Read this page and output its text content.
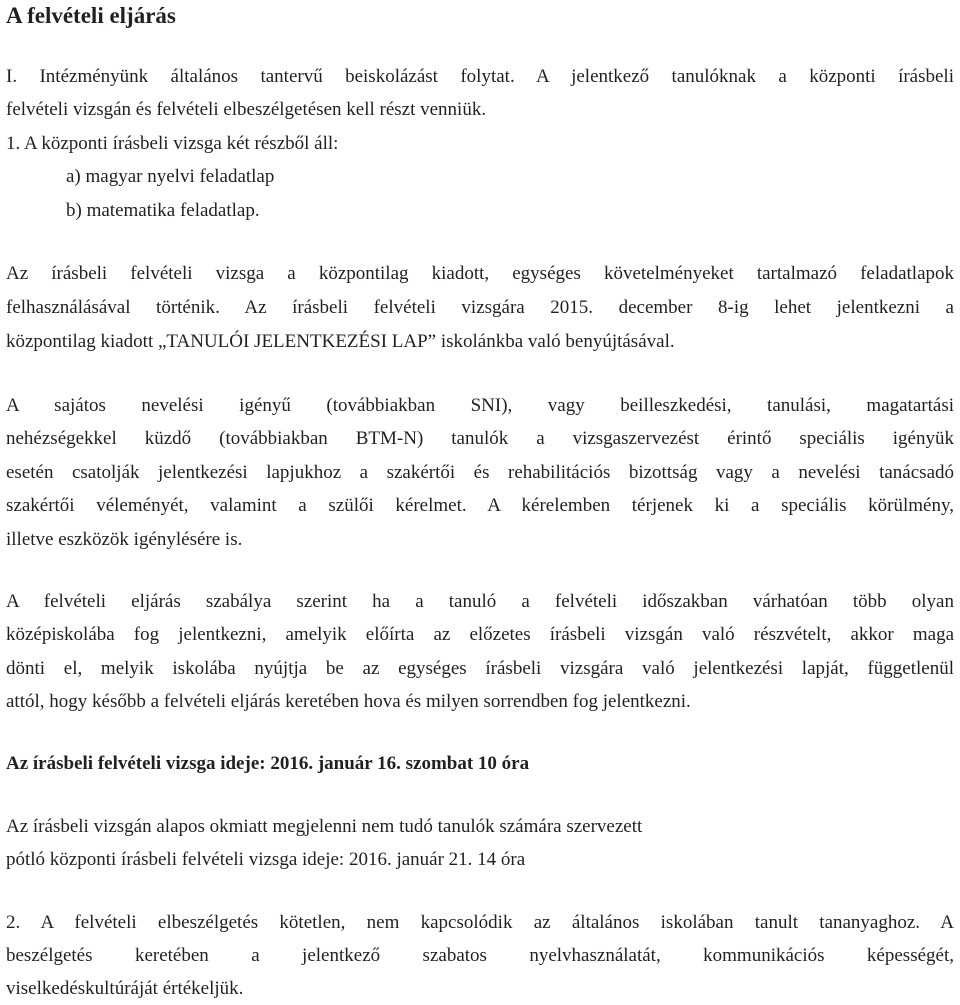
A felvételi eljárás
I. Intézményünk általános tantervű beiskolázást folytat. A jelentkező tanulóknak a központi írásbeli
felvételi vizsgán és felvételi elbeszélgetésen kell részt venniük.
1. A központi írásbeli vizsga két részből áll:
a) magyar nyelvi feladatlap
b) matematika feladatlap.
Az írásbeli felvételi vizsga a központilag kiadott, egységes követelményeket tartalmazó feladatlapok
felhasználásával történik. Az írásbeli felvételi vizsgára 2015. december 8-ig lehet jelentkezni a
központilag kiadott „TANULÓI JELENTKEZÉSI LAP” iskolánkba való benyújtásával.
A sajátos nevelési igényű (továbbiakban SNI), vagy beilleszkedési, tanulási, magatartási
nehézségekkel küzdő (továbbiakban BTM-N) tanulók a vizsgaszervezést érintő speciális igényük
esetén csatolják jelentkezési lapjukhoz a szakértői és rehabilitációs bizottság vagy a nevelési tanácsadó
szakértői véleményét, valamint a szülői kérelmet. A kérelemben térjenek ki a speciális körülmény,
illetve eszközök igénylésére is.
A felvételi eljárás szabálya szerint ha a tanuló a felvételi időszakban várhatóan több olyan
középiskolába fog jelentkezni, amelyik előírta az előzetes írásbeli vizsgán való részvételt, akkor maga
dönti el, melyik iskolába nyújtja be az egységes írásbeli vizsgára való jelentkezési lapját, függetlenül
attól, hogy később a felvételi eljárás keretében hova és milyen sorrendben fog jelentkezni.
Az írásbeli felvételi vizsga ideje: 2016. január 16. szombat 10 óra
Az írásbeli vizsgán alapos okmiatt megjelenni nem tudó tanulók számára szervezett
pótló központi írásbeli felvételi vizsga ideje: 2016. január 21. 14 óra
2. A felvételi elbeszélgetés kötetlen, nem kapcsolódik az általános iskolában tanult tananyaghoz. A
beszélgetés keretében a jelentkező szabatos nyelvhasználatát, kommunikációs képességét,
viselkedéskultúráját értékeljük.
